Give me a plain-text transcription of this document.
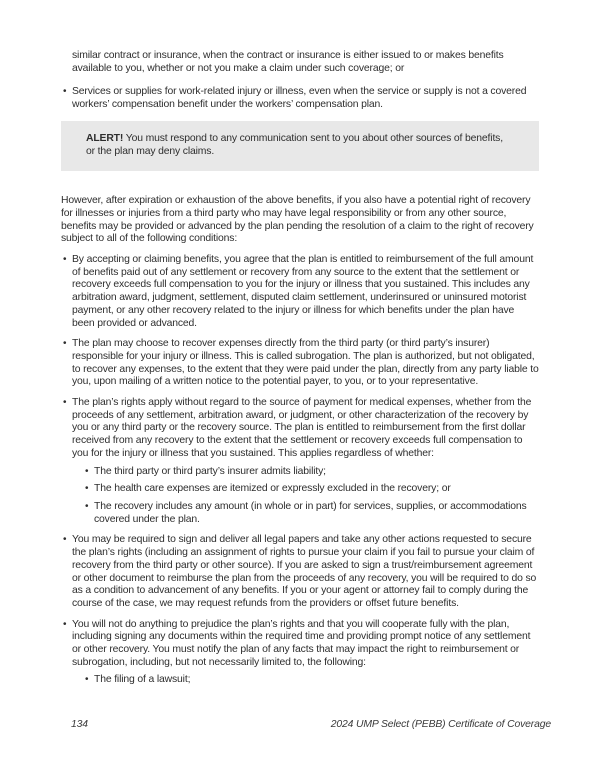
similar contract or insurance, when the contract or insurance is either issued to or makes benefits available to you, whether or not you make a claim under such coverage; or

• Services or supplies for work-related injury or illness, even when the service or supply is not a covered workers’ compensation benefit under the workers’ compensation plan.
ALERT! You must respond to any communication sent to you about other sources of benefits, or the plan may deny claims.

However, after expiration or exhaustion of the above benefits, if you also have a potential right of recovery for illnesses or injuries from a third party who may have legal responsibility or from any other source, benefits may be provided or advanced by the plan pending the resolution of a claim to the right of recovery subject to all of the following conditions:

• By accepting or claiming benefits, you agree that the plan is entitled to reimbursement of the full amount of benefits paid out of any settlement or recovery from any source to the extent that the settlement or recovery exceeds full compensation to you for the injury or illness that you sustained. This includes any arbitration award, judgment, settlement, disputed claim settlement, underinsured or uninsured motorist payment, or any other recovery related to the injury or illness for which benefits under the plan have been provided or advanced.
• The plan may choose to recover expenses directly from the third party (or third party’s insurer) responsible for your injury or illness. This is called subrogation. The plan is authorized, but not obligated, to recover any expenses, to the extent that they were paid under the plan, directly from any party liable to you, upon mailing of a written notice to the potential payer, to you, or to your representative.
• The plan’s rights apply without regard to the source of payment for medical expenses, whether from the proceeds of any settlement, arbitration award, or judgment, or other characterization of the recovery by you or any third party or the recovery source. The plan is entitled to reimbursement from the first dollar received from any recovery to the extent that the settlement or recovery exceeds full compensation to you for the injury or illness that you sustained. This applies regardless of whether:
• The third party or third party’s insurer admits liability;
• The health care expenses are itemized or expressly excluded in the recovery; or
• The recovery includes any amount (in whole or in part) for services, supplies, or accommodations covered under the plan.
• You may be required to sign and deliver all legal papers and take any other actions requested to secure the plan’s rights (including an assignment of rights to pursue your claim if you fail to pursue your claim of recovery from the third party or other source). If you are asked to sign a trust/reimbursement agreement or other document to reimburse the plan from the proceeds of any recovery, you will be required to do so as a condition to advancement of any benefits. If you or your agent or attorney fail to comply during the course of the case, we may request refunds from the providers or offset future benefits.
• You will not do anything to prejudice the plan’s rights and that you will cooperate fully with the plan, including signing any documents within the required time and providing prompt notice of any settlement or other recovery. You must notify the plan of any facts that may impact the right to reimbursement or subrogation, including, but not necessarily limited to, the following:
• The filing of a lawsuit;
134	2024 UMP Select (PEBB) Certificate of Coverage
